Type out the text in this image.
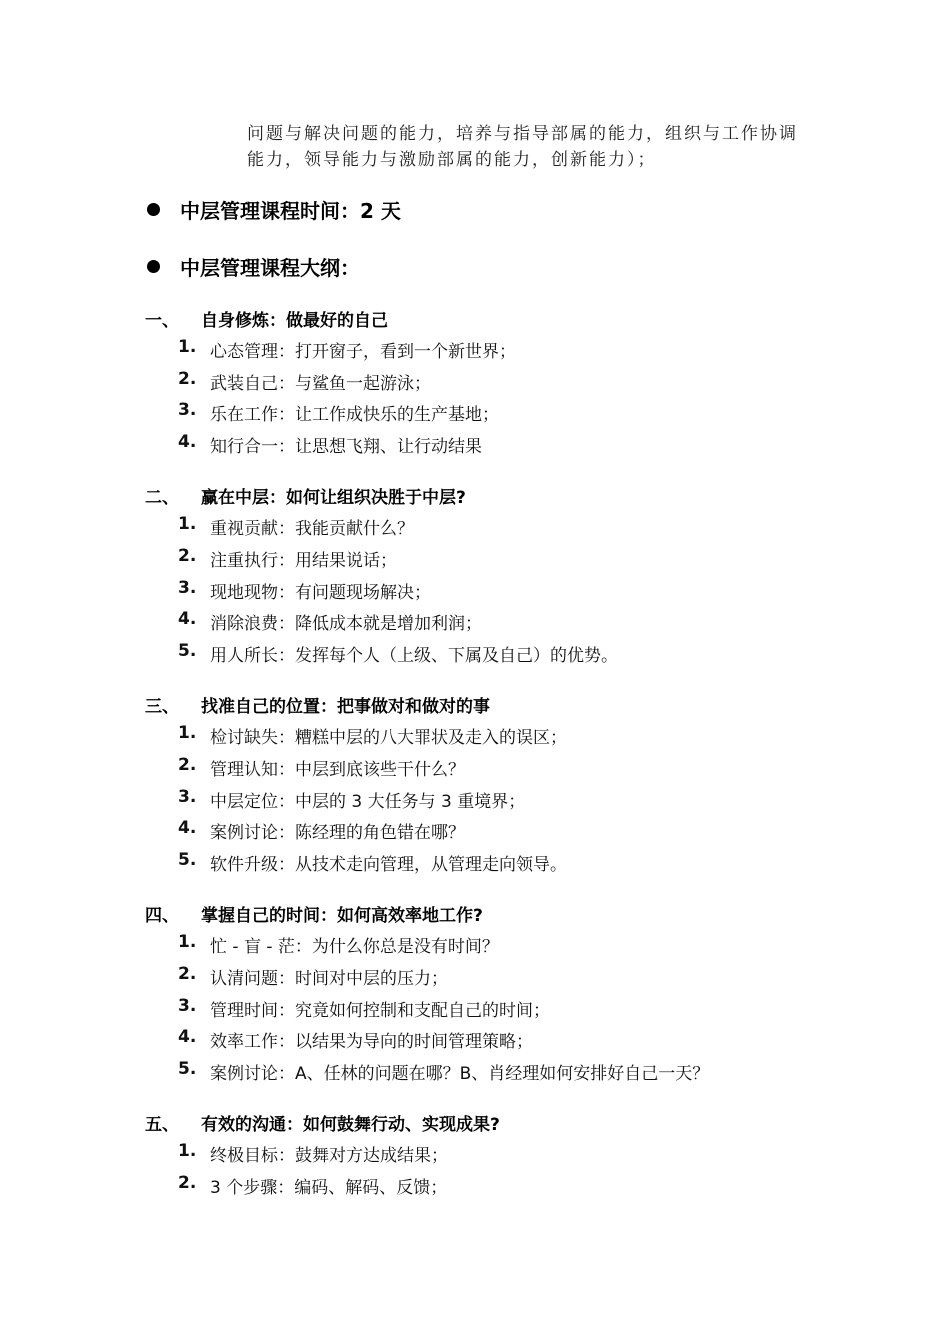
问题与解决问题的能力，培养与指导部属的能力，组织与工作协调
能力，领导能力与激励部属的能力，创新能力）；
中层管理课程时间：2 天
中层管理课程大纲：
一、	自身修炼：做最好的自己
1. 心态管理：打开窗子，看到一个新世界；
2. 武装自己：与鲨鱼一起游泳；
3. 乐在工作：让工作成快乐的生产基地；
4. 知行合一：让思想飞翔、让行动结果
二、	赢在中层：如何让组织决胜于中层?
1. 重视贡献：我能贡献什么？
2. 注重执行：用结果说话；
3. 现地现物：有问题现场解决；
4. 消除浪费：降低成本就是增加利润；
5. 用人所长：发挥每个人（上级、下属及自己）的优势。
三、	找准自己的位置：把事做对和做对的事
1. 检讨缺失：糟糕中层的八大罪状及走入的误区；
2. 管理认知：中层到底该些干什么？
3. 中层定位：中层的 3 大任务与 3 重境界；
4. 案例讨论：陈经理的角色错在哪？
5. 软件升级：从技术走向管理，从管理走向领导。
四、	掌握自己的时间：如何高效率地工作?
1. 忙 - 盲 - 茫：为什么你总是没有时间？
2. 认清问题：时间对中层的压力；
3. 管理时间：究竟如何控制和支配自己的时间；
4. 效率工作：以结果为导向的时间管理策略；
5. 案例讨论：A、任林的问题在哪？B、肖经理如何安排好自己一天？
五、	有效的沟通：如何鼓舞行动、实现成果?
1. 终极目标：鼓舞对方达成结果；
2. 3 个步骤：编码、解码、反馈；
